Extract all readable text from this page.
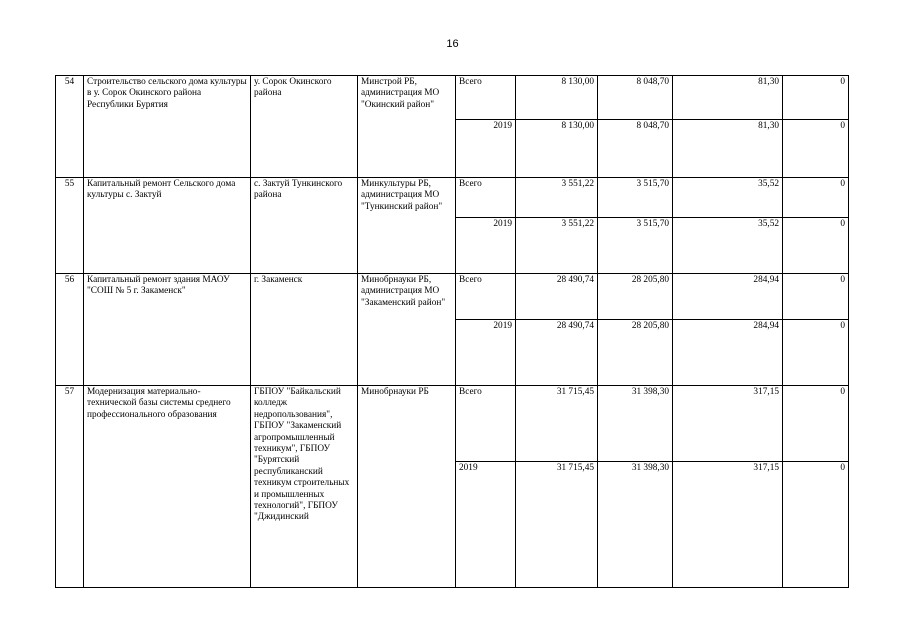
16
54	Строительство сельского дома культуры в у. Сорок Окинского района Республики Бурятия	у. Сорок Окинского района	Минстрой РБ, администрация МО "Окинский район"	Всего	8 130,00	8 048,70	81,30	0
				2019	8 130,00	8 048,70	81,30	0
55	Капитальный ремонт Сельского дома культуры с. Зактуй	с. Зактуй Тункинского района	Минкультуры РБ, администрация МО "Тункинский район"	Всего	3 551,22	3 515,70	35,52	0
				2019	3 551,22	3 515,70	35,52	0
56	Капитальный ремонт здания МАОУ "СОШ № 5 г. Закаменск"	г. Закаменск	Минобрнауки РБ, администрация МО "Закаменский район"	Всего	28 490,74	28 205,80	284,94	0
				2019	28 490,74	28 205,80	284,94	0
57	Модернизация материально-технической базы системы среднего профессионального образования	ГБПОУ "Байкальский колледж недропользования", ГБПОУ "Закаменский агропромышленный техникум", ГБПОУ "Бурятский республиканский техникум строительных и промышленных технологий", ГБПОУ "Джидинский	Минобрнауки РБ	Всего	31 715,45	31 398,30	317,15	0
				2019	31 715,45	31 398,30	317,15	0
